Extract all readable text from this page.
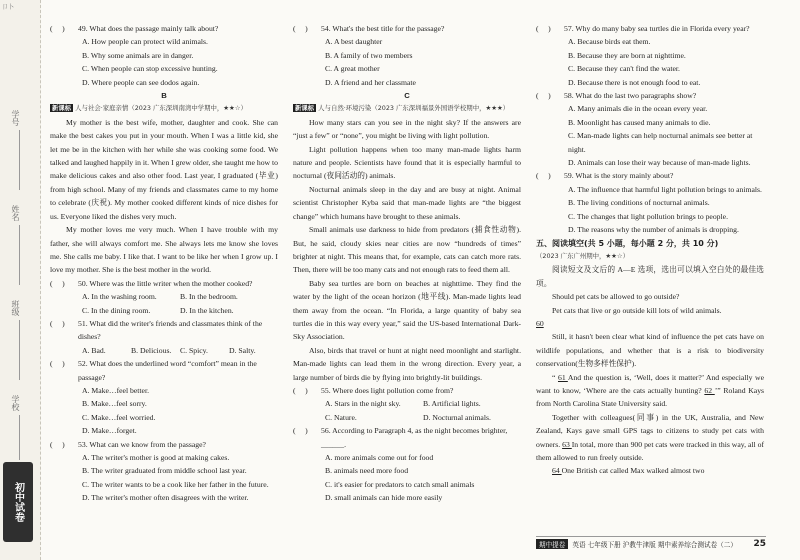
卩卜
学号
姓名
班级
学校
初中试卷
(     )	49. What does the passage mainly talk about?
A. How people can protect wild animals.
B. Why some animals are in danger.
C. When people can stop excessive hunting.
D. Where people can see dodos again.
B
新课标 人与社会·家庭亲情（2023 广东深圳南湾中学期中，★★☆）
My mother is the best wife, mother, daughter and cook. She can make the best cakes you put in your mouth. When I was a little kid, she let me be in the kitchen with her while she was cooking some food. We talked and laughed happily in it. When I grew older, she taught me how to make delicious cakes and also other food. Last year, I graduated (毕业) from high school. Many of my friends and classmates came to my home to celebrate (庆祝). My mother cooked different kinds of nice dishes for us. Everyone liked the dishes very much.
My mother loves me very much. When I have trouble with my father, she will always comfort me. She always lets me know she loves me. She calls me baby. I like that. I want to be like her when I grow up. I love my mother. She is the best mother in the world.
(     )	50. Where was the little writer when the mother cooked?
A. In the washing room.	B. In the bedroom.
C. In the dining room.	D. In the kitchen.
(     )	51. What did the writer's friends and classmates think of the dishes?
A. Bad.	B. Delicious.	C. Spicy.	D. Salty.
(     )	52. What does the underlined word “comfort” mean in the passage?
A. Make…feel better.
B. Make…feel sorry.
C. Make…feel worried.
D. Make…forget.
(     )	53. What can we know from the passage?
A. The writer's mother is good at making cakes.
B. The writer graduated from middle school last year.
C. The writer wants to be a cook like her father in the future.
D. The writer's mother often disagrees with the writer.
(     )	54. What's the best title for the passage?
A. A best daughter
B. A family of two members
C. A great mother
D. A friend and her classmate
C
新课标 人与自然·环境污染（2023 广东深圳福景外国语学校期中，★★★）
How many stars can you see in the night sky? If the answers are “just a few” or “none”, you might be living with light pollution.
Light pollution happens when too many man-made lights harm nature and people. Scientists have found that it is especially harmful to nocturnal (夜间活动的) animals.
Nocturnal animals sleep in the day and are busy at night. Animal scientist Christopher Kyba said that man-made lights are “the biggest change” which humans have brought to these animals.
Small animals use darkness to hide from predators (捕食性动物). But, he said, cloudy skies near cities are now “hundreds of times” brighter at night. This means that, for example, cats can catch more rats. Then, there will be too many cats and not enough rats to feed them all.
Baby sea turtles are born on beaches at nighttime. They find the water by the light of the ocean horizon (地平线). Man-made lights lead them away from the ocean. “In Florida, a large quantity of baby sea turtles die in this way every year,” said the US-based International Dark-Sky Association.
Also, birds that travel or hunt at night need moonlight and starlight. Man-made lights can lead them in the wrong direction. Every year, a large number of birds die by flying into brightly-lit buildings.
(     )	55. Where does light pollution come from?
A. Stars in the night sky.	B. Artificial lights.
C. Nature.	D. Nocturnal animals.
(     )	56. According to Paragraph 4, as the night becomes brighter, ______.
A. more animals come out for food
B. animals need more food
C. it's easier for predators to catch small animals
D. small animals can hide more easily
(     )	57. Why do many baby sea turtles die in Florida every year?
A. Because birds eat them.
B. Because they are born at nighttime.
C. Because they can't find the water.
D. Because there is not enough food to eat.
(     )	58. What do the last two paragraphs show?
A. Many animals die in the ocean every year.
B. Moonlight has caused many animals to die.
C. Man-made lights can help nocturnal animals see better at night.
D. Animals can lose their way because of man-made lights.
(     )	59. What is the story mainly about?
A. The influence that harmful light pollution brings to animals.
B. The living conditions of nocturnal animals.
C. The changes that light pollution brings to people.
D. The reasons why the number of animals is dropping.
五、阅读填空(共 5 小题，每小题 2 分，共 10 分)
（2023 广东广州期中，★★☆）
阅读短文及文后的 A—E 选项，选出可以填入空白处的最佳选项。
Should pet cats be allowed to go outside?
Pet cats that live or go outside kill lots of wild animals.
60
Still, it hasn't been clear what kind of influence the pet cats have on wildlife populations, and whether that is a risk to biodiversity conservation(生物多样性保护).
“ 61 And the question is, ‘Well, does it matter?’ And especially we want to know, ‘Where are the cats actually hunting? 62 ’” Roland Kays from North Carolina State University said.
Together with colleagues(同事) in the UK, Australia, and New Zealand, Kays gave small GPS tags to citizens to study pet cats with owners. 63 In total, more than 900 pet cats were tracked in this way, all of them allowed to run freely outside.
64 One British cat called Max walked almost two
期中提卷	英语
七年级下册
沪教牛津版
期中素养综合测试卷（二） 25
